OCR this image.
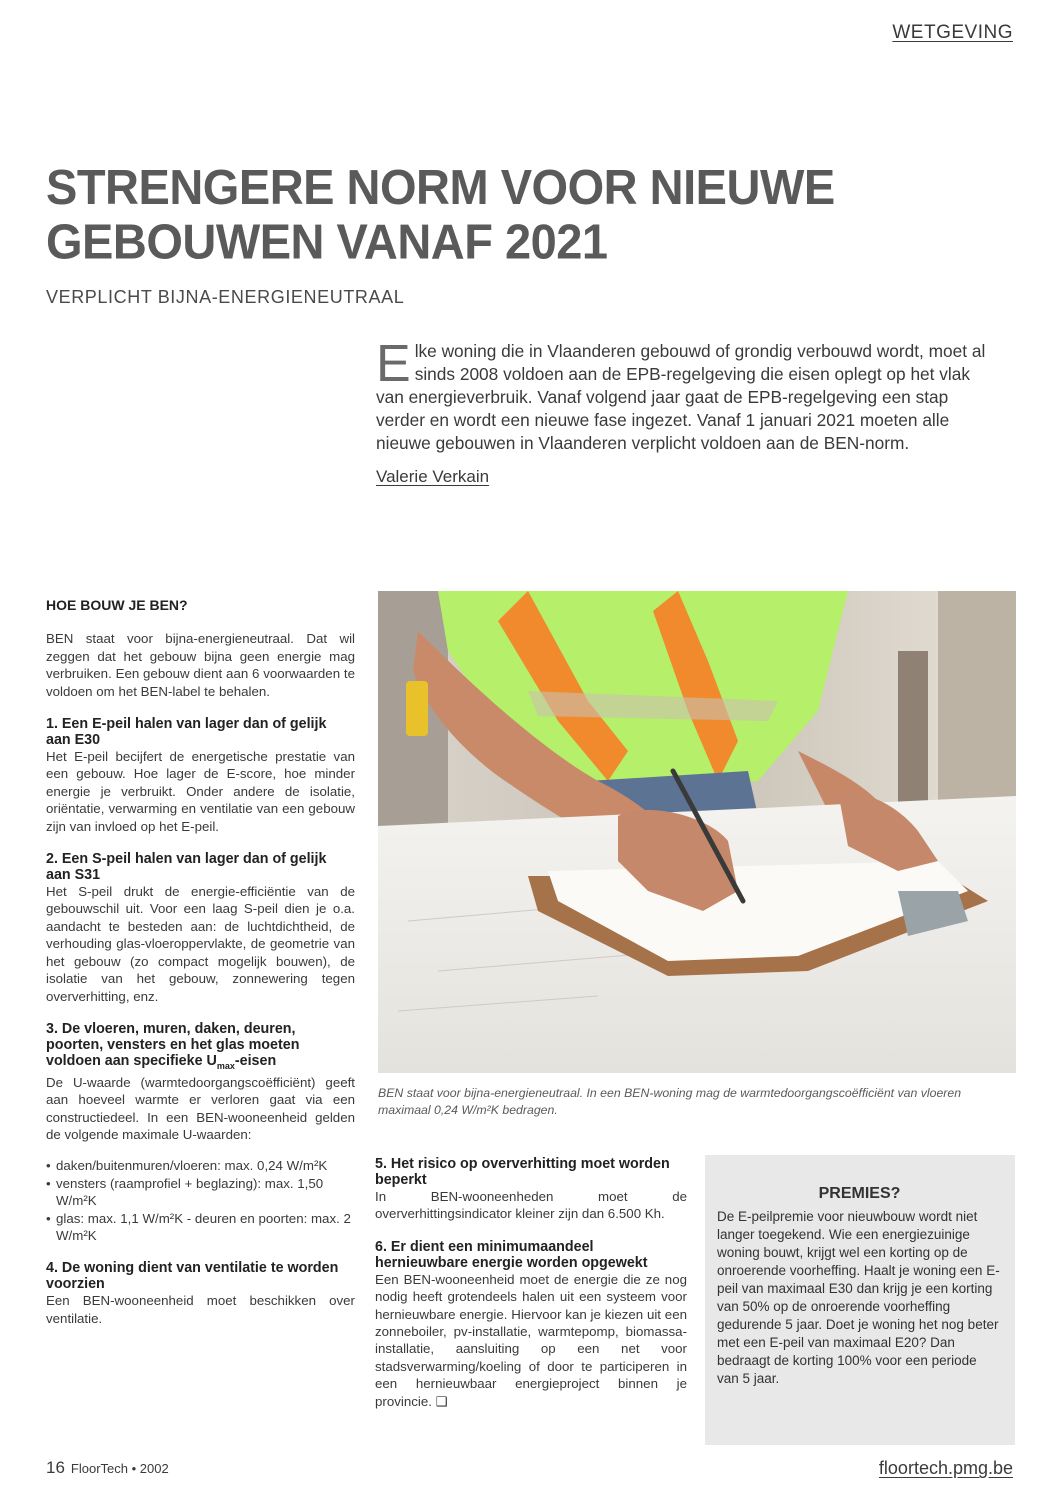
WETGEVING
STRENGERE NORM VOOR NIEUWE
GEBOUWEN VANAF 2021
VERPLICHT BIJNA-ENERGIENEUTRAAL
Elke woning die in Vlaanderen gebouwd of grondig verbouwd wordt, moet al sinds 2008 voldoen aan de EPB-regelgeving die eisen oplegt op het vlak van energieverbruik. Vanaf volgend jaar gaat de EPB-regelgeving een stap verder en wordt een nieuwe fase ingezet. Vanaf 1 januari 2021 moeten alle nieuwe gebouwen in Vlaanderen verplicht voldoen aan de BEN-norm.
Valerie Verkain
HOE BOUW JE BEN?

BEN staat voor bijna-energieneutraal. Dat wil zeggen dat het gebouw bijna geen energie mag verbruiken. Een gebouw dient aan 6 voorwaarden te voldoen om het BEN-label te behalen.

1. Een E-peil halen van lager dan of gelijk aan E30

Het E-peil becijfert de energetische prestatie van een gebouw. Hoe lager de E-score, hoe minder energie je verbruikt. Onder andere de isolatie, oriëntatie, verwarming en ventilatie van een gebouw zijn van invloed op het E-peil.

2. Een S-peil halen van lager dan of gelijk aan S31

Het S-peil drukt de energie-efficiëntie van de gebouwschil uit. Voor een laag S-peil dien je o.a. aandacht te besteden aan: de luchtdichtheid, de verhouding glas-vloeroppervlakte, de geometrie van het gebouw (zo compact mogelijk bouwen), de isolatie van het gebouw, zonnewering tegen oververhitting, enz.

3. De vloeren, muren, daken, deuren, poorten, vensters en het glas moeten voldoen aan specifieke $U_{max}$-eisen

De U-waarde (warmtedoorgangscoëfficiënt) geeft aan hoeveel warmte er verloren gaat via een constructiedeel. In een BEN-wooneenheid gelden de volgende maximale U-waarden:

• daken/buitenmuren/vloeren: max. 0,24 W/m²K
• vensters (raamprofiel + beglazing): max. 1,50 W/m²K
• glas: max. 1,1 W/m²K - deuren en poorten: max. 2 W/m²K
4. De woning dient van ventilatie te worden voorzien

Een BEN-wooneenheid moet beschikken over ventilatie.

BEN staat voor bijna-energieneutraal. In een BEN-woning mag de warmtedoorgangscoëfficiënt van vloeren maximaal 0,24 W/m²K bedragen.
5. Het risico op oververhitting moet worden beperkt

In BEN-wooneenheden moet de oververhittingsindicator kleiner zijn dan 6.500 Kh.

6. Er dient een minimumaandeel hernieuwbare energie worden opgewekt

Een BEN-wooneenheid moet de energie die ze nog nodig heeft grotendeels halen uit een systeem voor hernieuwbare energie. Hiervoor kan je kiezen uit een zonneboiler, pv-installatie, warmtepomp, biomassa-installatie, aansluiting op een net voor stadsverwarming/koeling of door te participeren in een hernieuwbaar energieproject binnen je provincie. ❑

PREMIES?

De E-peilpremie voor nieuwbouw wordt niet langer toegekend. Wie een energiezuinige woning bouwt, krijgt wel een korting op de onroerende voorheffing. Haalt je woning een E-peil van maximaal E30 dan krijg je een korting van 50% op de onroerende voorheffing gedurende 5 jaar. Doet je woning het nog beter met een E-peil van maximaal E20? Dan bedraagt de korting 100% voor een periode van 5 jaar.

16 FloorTech • 2002	floortech.pmg.be
